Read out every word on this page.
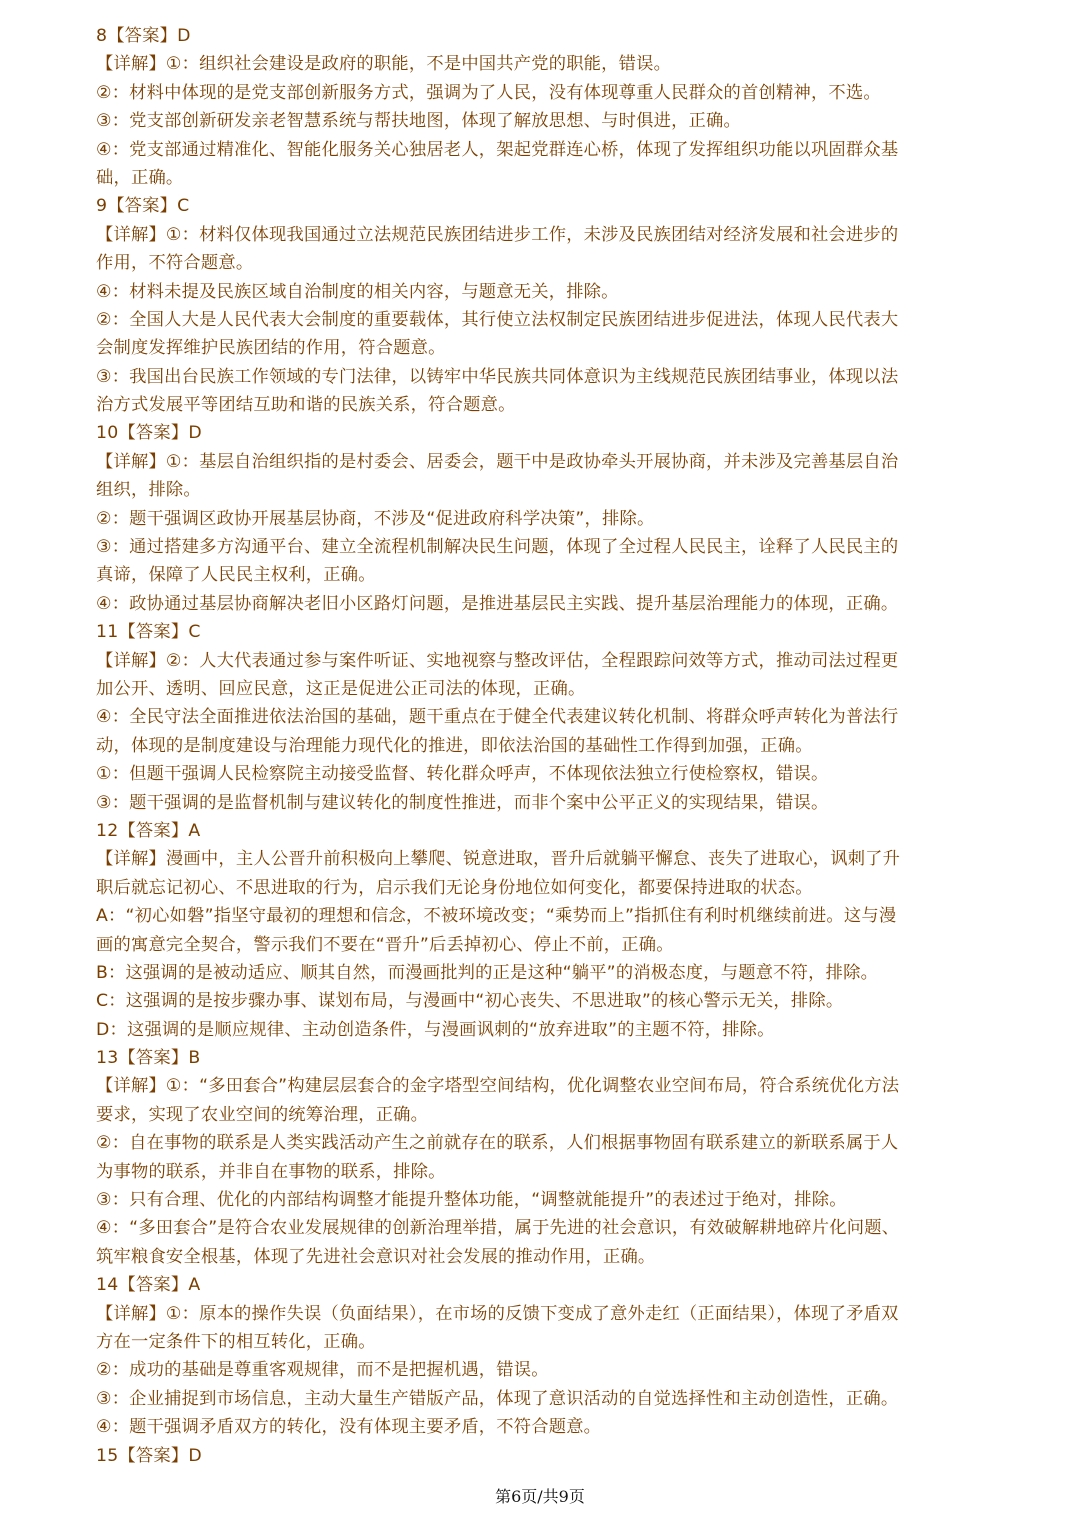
8【答案】D
【详解】①：组织社会建设是政府的职能，不是中国共产党的职能，错误。
②：材料中体现的是党支部创新服务方式，强调为了人民，没有体现尊重人民群众的首创精神，不选。
③：党支部创新研发亲老智慧系统与帮扶地图，体现了解放思想、与时俱进，正确。
④：党支部通过精准化、智能化服务关心独居老人，架起党群连心桥，体现了发挥组织功能以巩固群众基
础，正确。
9【答案】C
【详解】①：材料仅体现我国通过立法规范民族团结进步工作，未涉及民族团结对经济发展和社会进步的
作用，不符合题意。
④：材料未提及民族区域自治制度的相关内容，与题意无关，排除。
②：全国人大是人民代表大会制度的重要载体，其行使立法权制定民族团结进步促进法，体现人民代表大
会制度发挥维护民族团结的作用，符合题意。
③：我国出台民族工作领域的专门法律，以铸牢中华民族共同体意识为主线规范民族团结事业，体现以法
治方式发展平等团结互助和谐的民族关系，符合题意。
10【答案】D
【详解】①：基层自治组织指的是村委会、居委会，题干中是政协牵头开展协商，并未涉及完善基层自治
组织，排除。
②：题干强调区政协开展基层协商，不涉及“促进政府科学决策”，排除。
③：通过搭建多方沟通平台、建立全流程机制解决民生问题，体现了全过程人民民主，诠释了人民民主的
真谛，保障了人民民主权利，正确。
④：政协通过基层协商解决老旧小区路灯问题，是推进基层民主实践、提升基层治理能力的体现，正确。
11【答案】C
【详解】②：人大代表通过参与案件听证、实地视察与整改评估，全程跟踪问效等方式，推动司法过程更
加公开、透明、回应民意，这正是促进公正司法的体现，正确。
④：全民守法全面推进依法治国的基础，题干重点在于健全代表建议转化机制、将群众呼声转化为普法行
动，体现的是制度建设与治理能力现代化的推进，即依法治国的基础性工作得到加强，正确。
①：但题干强调人民检察院主动接受监督、转化群众呼声，不体现依法独立行使检察权，错误。
③：题干强调的是监督机制与建议转化的制度性推进，而非个案中公平正义的实现结果，错误。
12【答案】A
【详解】漫画中，主人公晋升前积极向上攀爬、锐意进取，晋升后就躺平懈怠、丧失了进取心，讽刺了升
职后就忘记初心、不思进取的行为，启示我们无论身份地位如何变化，都要保持进取的状态。
A：“初心如磐”指坚守最初的理想和信念，不被环境改变；“乘势而上”指抓住有利时机继续前进。这与漫
画的寓意完全契合，警示我们不要在“晋升”后丢掉初心、停止不前，正确。
B：这强调的是被动适应、顺其自然，而漫画批判的正是这种“躺平”的消极态度，与题意不符，排除。
C：这强调的是按步骤办事、谋划布局，与漫画中“初心丧失、不思进取”的核心警示无关，排除。
D：这强调的是顺应规律、主动创造条件，与漫画讽刺的“放弃进取”的主题不符，排除。
13【答案】B
【详解】①：“多田套合”构建层层套合的金字塔型空间结构，优化调整农业空间布局，符合系统优化方法
要求，实现了农业空间的统筹治理，正确。
②：自在事物的联系是人类实践活动产生之前就存在的联系，人们根据事物固有联系建立的新联系属于人
为事物的联系，并非自在事物的联系，排除。
③：只有合理、优化的内部结构调整才能提升整体功能，“调整就能提升”的表述过于绝对，排除。
④：“多田套合”是符合农业发展规律的创新治理举措，属于先进的社会意识，有效破解耕地碎片化问题、
筑牢粮食安全根基，体现了先进社会意识对社会发展的推动作用，正确。
14【答案】A
【详解】①：原本的操作失误（负面结果），在市场的反馈下变成了意外走红（正面结果），体现了矛盾双
方在一定条件下的相互转化，正确。
②：成功的基础是尊重客观规律，而不是把握机遇，错误。
③：企业捕捉到市场信息，主动大量生产错版产品，体现了意识活动的自觉选择性和主动创造性，正确。
④：题干强调矛盾双方的转化，没有体现主要矛盾，不符合题意。
15【答案】D
第6页/共9页
